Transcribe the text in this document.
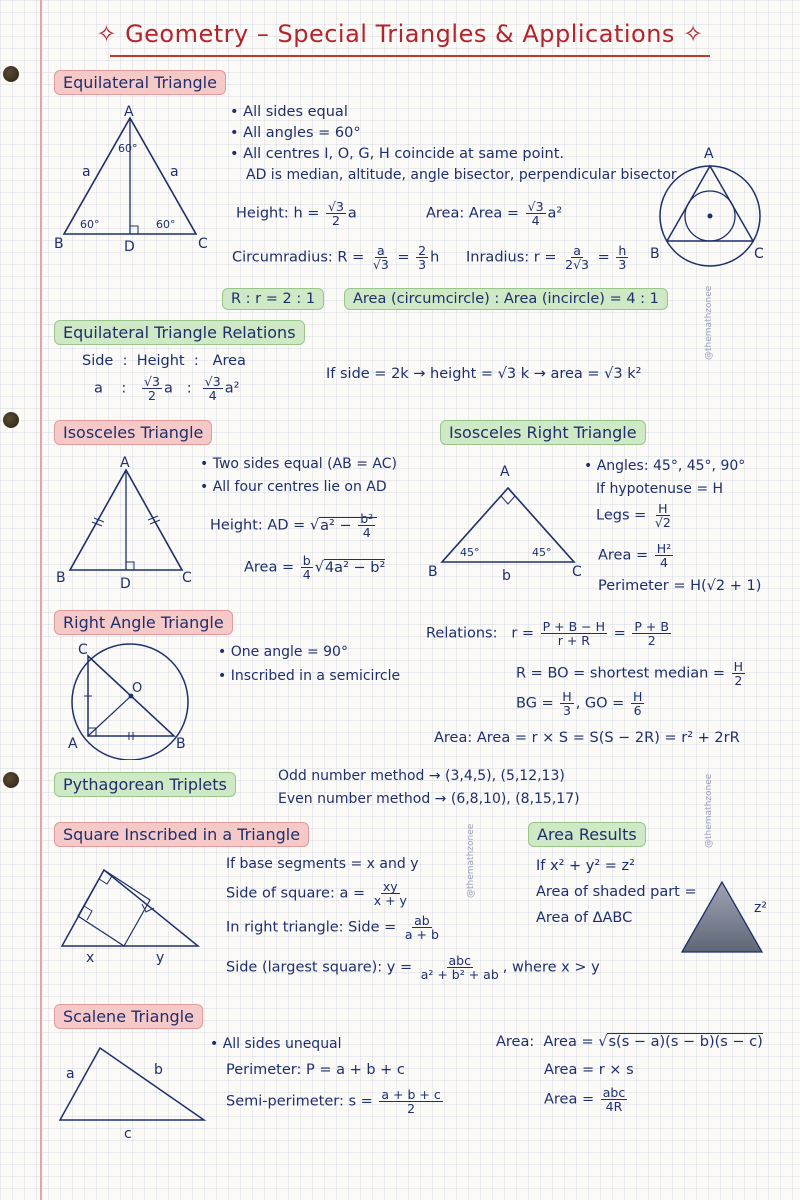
✧ Geometry – Special Triangles & Applications ✧
@themathzonee
@themathzonee
@themathzonee
Equilateral Triangle
A
B	C
D
a	a
60°
60°	60°
• All sides equal
• All angles = 60°
• All centres I, O, G, H coincide at same point.
AD is median, altitude, angle bisector, perpendicular bisector
Height: $h = \frac{√3}{2}$ a	Area: Area = $\frac{√3}{4} a^2$
Circumradius: $R = \frac{a}{√3} = \frac{2}{3}$ h Inradius: $r = \frac{a}{2√3} = \frac{h}{3}$
A
B	C
R : r = 2 : 1	Area (circumcircle) : Area (incircle) = 4 : 1
Equilateral Triangle Relations
Side : Height : Area
a : $\frac{√3}{2}$ a : $\frac{√3}{4} a^2$
If side = 2k → height = √3 k → area = √3 k²
Isosceles Triangle
A
B	C
D
• Two sides equal (AB = AC)
• All four centres lie on AD
Height: AD = $√a^2 - \frac{\text{b²}}{4}$
Area = $\frac{b}{4} √4a^2 - b^2$
Isosceles Right Triangle
A
B	C
45°	45°
b
• Angles: 45°, 45°, 90°
If hypotenuse = H
Legs = $\frac{H}{√2}$
Area = $\frac{\text{H²}}{4}$
Perimeter = H(√2 + 1)
Right Angle Triangle
C
A	B
O
• One angle = 90°
• Inscribed in a semicircle
Relations: $r = \frac{P + B - H}{r + R} = \frac{P + B}{2}$
R = BO = shortest median = $\frac{H}{2}$
BG = $\frac{H}{3}$ , GO = $\frac{H}{6}$
Area: Area = r × S = S(S − 2R) = r² + 2rR
Pythagorean Triplets	Odd number method → (3,4,5), (5,12,13)
Even number method → (6,8,10), (8,15,17)
Square Inscribed in a Triangle
x	y
If base segments = x and y
Side of square: $a = \frac{xy}{x + y}$
In right triangle: Side = $\frac{ab}{a + b}$
Side (largest square): $y = \frac{\text{abc}}{\text{a² + b² + ab}}$ , where x > y
Area Results
If x² + y² = z²
Area of shaded part =
Area of ΔABC
z²
Scalene Triangle
a	b
c
• All sides unequal
Perimeter: P = a + b + c
Semi-perimeter: $s = \frac{a + b + c}{2}$
Area: Area = √s(s − a)(s − b)(s − c)
Area = r × s
Area = $\frac{\text{abc}}{4R}$
